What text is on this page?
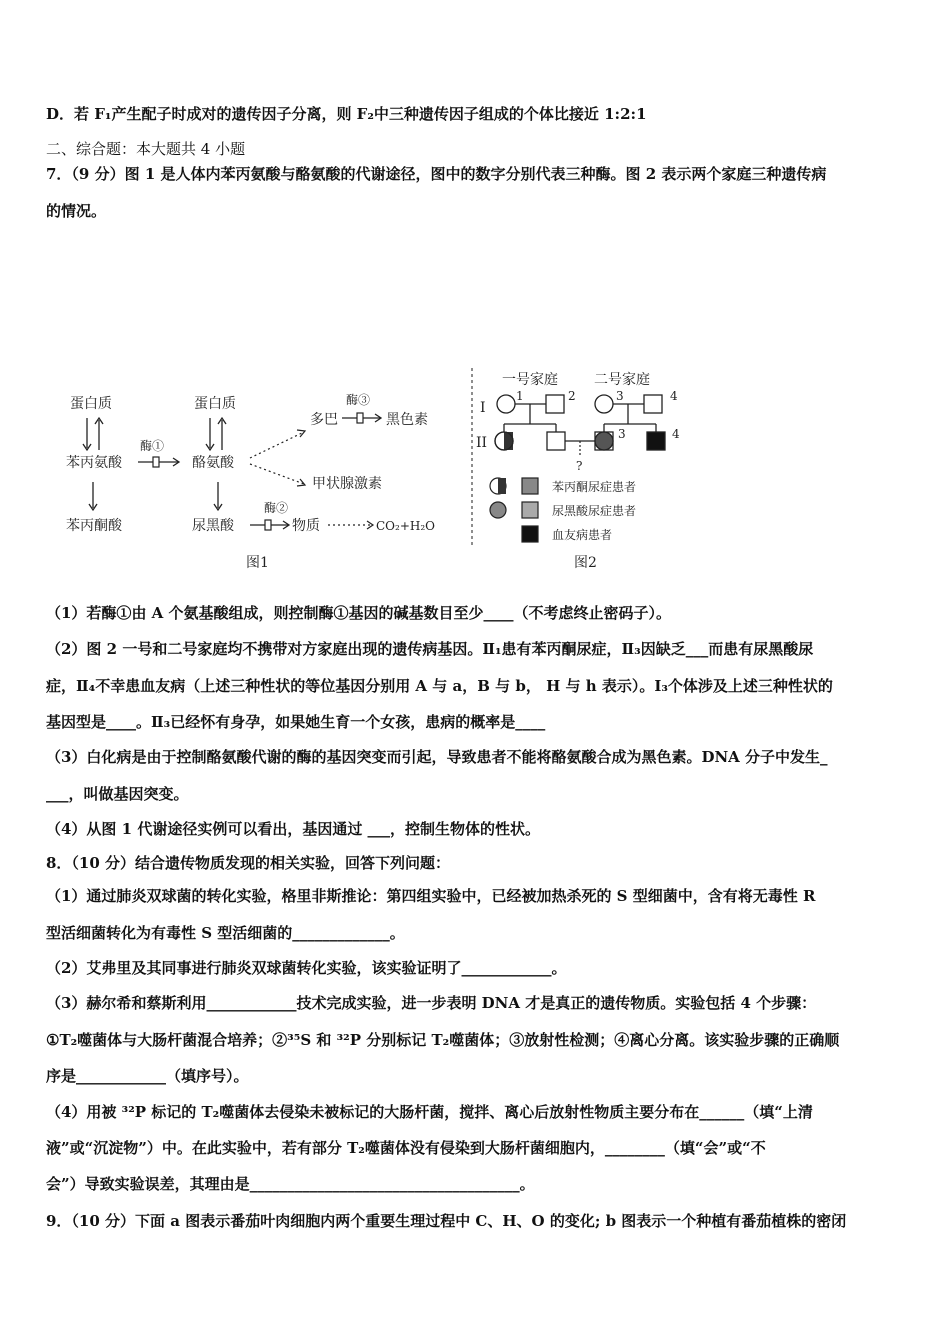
D．若 F₁产生配子时成对的遗传因子分离，则 F₂中三种遗传因子组成的个体比接近 1:2:1
二、综合题：本大题共 4 小题
7．（9 分）图 1 是人体内苯丙氨酸与酪氨酸的代谢途径，图中的数字分别代表三种酶。图 2 表示两个家庭三种遗传病
的情况。
蛋白质
苯丙氨酸
酶①
苯丙酮酸
蛋白质
酪氨酸
尿黑酸
酶②
物质	CO₂+H₂O
多巴
酶③
黑色素
甲状腺激素
图1
一号家庭	二号家庭
I
II
1	2	3	4
3	4
?
苯丙酮尿症患者
尿黑酸尿症患者
血友病患者
图2
（1）若酶①由 A 个氨基酸组成，则控制酶①基因的碱基数目至少____（不考虑终止密码子）。
（2）图 2 一号和二号家庭均不携带对方家庭出现的遗传病基因。Ⅱ₁患有苯丙酮尿症，Ⅱ₃因缺乏___而患有尿黑酸尿
症，Ⅱ₄不幸患血友病（上述三种性状的等位基因分别用 A 与 a，B 与 b， H 与 h 表示）。I₃个体涉及上述三种性状的
基因型是____。Ⅱ₃已经怀有身孕，如果她生育一个女孩，患病的概率是____
（3）白化病是由于控制酪氨酸代谢的酶的基因突变而引起，导致患者不能将酪氨酸合成为黑色素。DNA 分子中发生_
___，叫做基因突变。
（4）从图 1 代谢途径实例可以看出，基因通过 ___，控制生物体的性状。
8．（10 分）结合遗传物质发现的相关实验，回答下列问题：
（1）通过肺炎双球菌的转化实验，格里非斯推论：第四组实验中，已经被加热杀死的 S 型细菌中，含有将无毒性 R
型活细菌转化为有毒性 S 型活细菌的_____________。
（2）艾弗里及其同事进行肺炎双球菌转化实验，该实验证明了____________。
（3）赫尔希和蔡斯利用____________技术完成实验，进一步表明 DNA 才是真正的遗传物质。实验包括 4 个步骤：
①T₂噬菌体与大肠杆菌混合培养；②³⁵S 和 ³²P 分别标记 T₂噬菌体；③放射性检测；④离心分离。该实验步骤的正确顺
序是____________（填序号）。
（4）用被 ³²P 标记的 T₂噬菌体去侵染未被标记的大肠杆菌，搅拌、离心后放射性物质主要分布在______（填“上清
液”或“沉淀物”）中。在此实验中，若有部分 T₂噬菌体没有侵染到大肠杆菌细胞内，________（填“会”或“不
会”）导致实验误差，其理由是____________________________________。
9．（10 分）下面 a 图表示番茄叶肉细胞内两个重要生理过程中 C、H、O 的变化; b 图表示一个种植有番茄植株的密闭
